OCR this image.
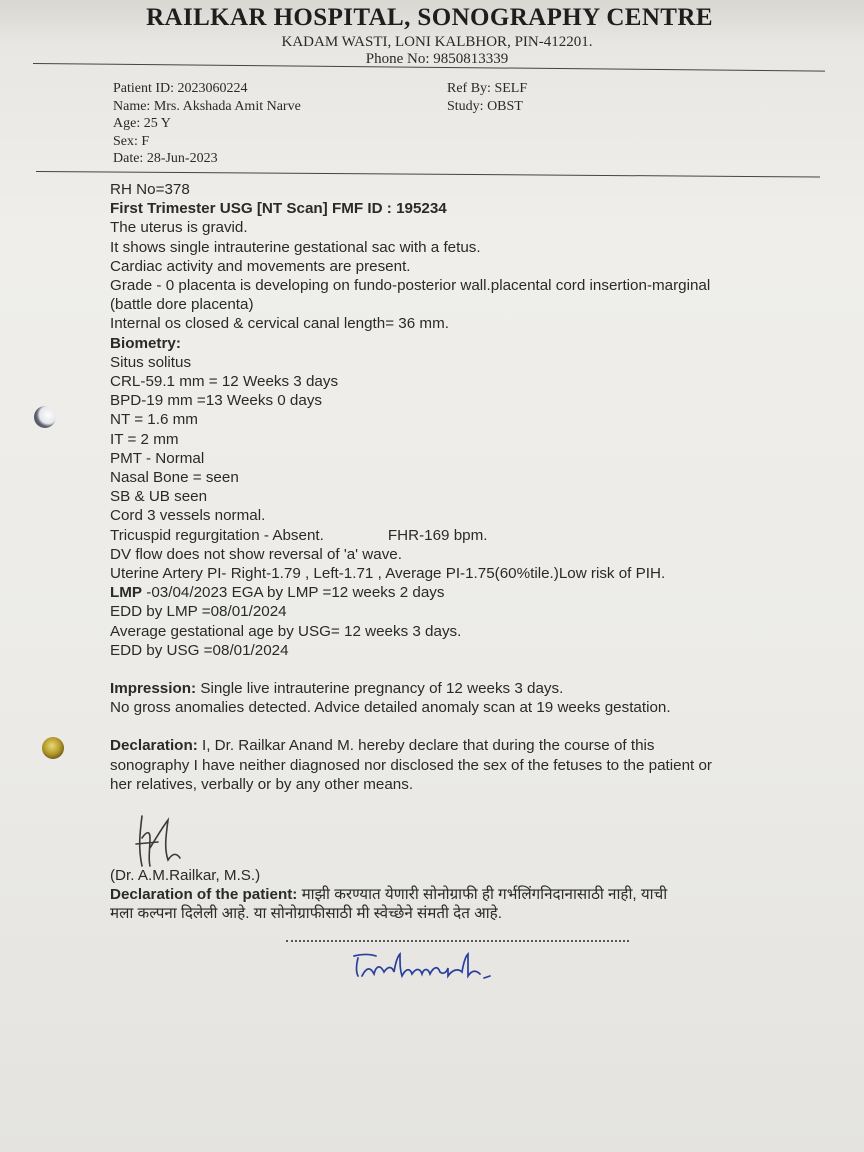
RAILKAR HOSPITAL, SONOGRAPHY CENTRE
KADAM WASTI, LONI KALBHOR, PIN-412201.
Phone No: 9850813339
Patient ID: 2023060224
Name: Mrs. Akshada Amit Narve
Age: 25 Y
Sex: F
Date: 28-Jun-2023
Ref By: SELF
Study: OBST
RH No=378
First Trimester USG [NT Scan] FMF ID : 195234
The uterus is gravid.
It shows single intrauterine gestational sac with a fetus.
Cardiac activity and movements are present.
Grade - 0 placenta is developing on fundo-posterior wall.placental cord insertion-marginal
(battle dore placenta)
Internal os closed & cervical canal length= 36 mm.
Biometry:
Situs solitus
CRL-59.1 mm = 12 Weeks 3 days
BPD-19 mm =13 Weeks 0 days
NT = 1.6 mm
IT = 2 mm
PMT - Normal
Nasal Bone = seen
SB & UB seen
Cord 3 vessels normal.
Tricuspid regurgitation - Absent.	FHR-169 bpm.
DV flow does not show reversal of 'a' wave.
Uterine Artery PI- Right-1.79 , Left-1.71 , Average PI-1.75(60%tile.)Low risk of PIH.
LMP -03/04/2023 EGA by LMP =12 weeks 2 days
EDD by LMP =08/01/2024
Average gestational age by USG= 12 weeks 3 days.
EDD by USG =08/01/2024
Impression: Single live intrauterine pregnancy of 12 weeks 3 days.
No gross anomalies detected. Advice detailed anomaly scan at 19 weeks gestation.
Declaration: I, Dr. Railkar Anand M. hereby declare that during the course of this
sonography I have neither diagnosed nor disclosed the sex of the fetuses to the patient or
her relatives, verbally or by any other means.
(Dr. A.M.Railkar, M.S.)
Declaration of the patient: माझी करण्यात येणारी सोनोग्राफी ही गर्भलिंगनिदानासाठी नाही, याची
मला कल्पना दिलेली आहे. या सोनोग्राफीसाठी मी स्वेच्छेने संमती देत आहे.
